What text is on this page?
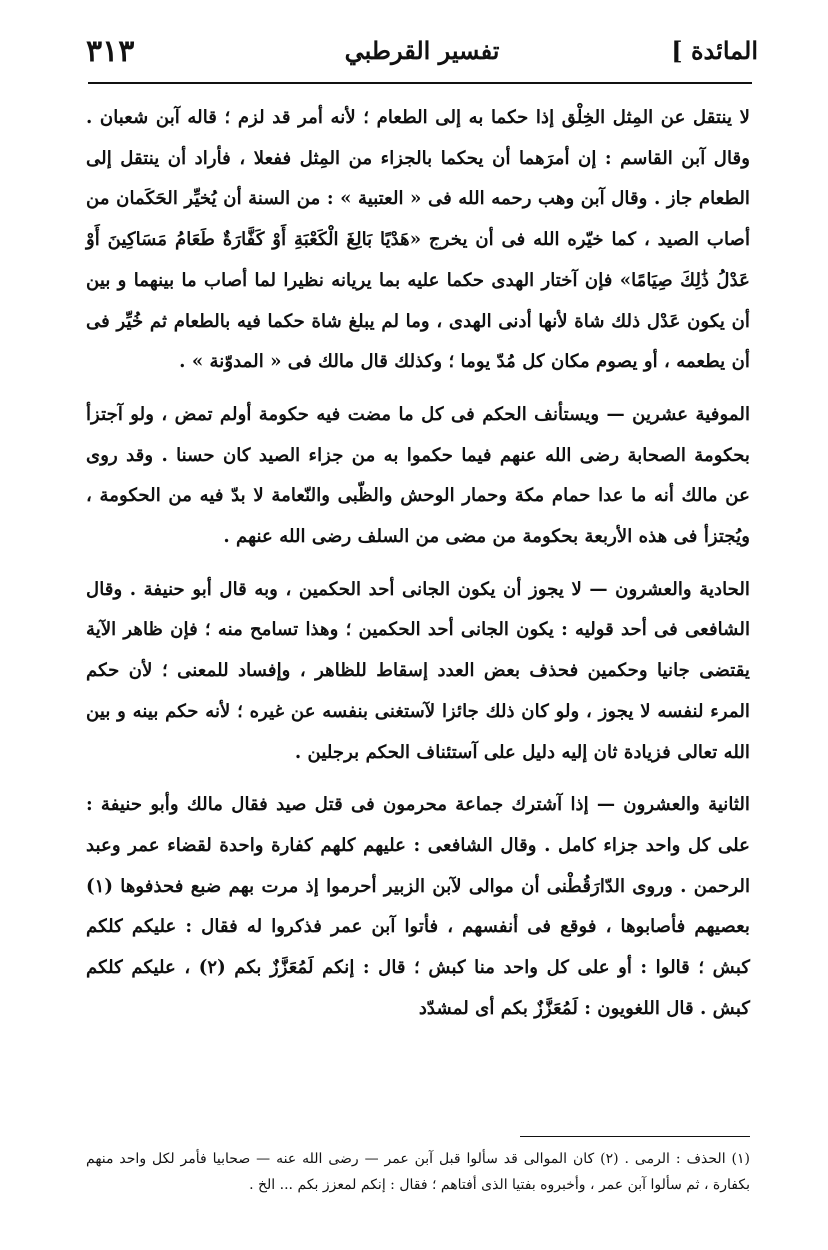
٣١٣	تفسير القرطبي	المائدة ]

لا ينتقل عن المِثل الخِلْق إذا حكما به إلى الطعام ؛ لأنه أمر قد لزم ؛ قاله آبن شعبان . وقال آبن القاسم : إن أمرَهما أن يحكما بالجزاء من المِثل ففعلا ، فأراد أن ينتقل إلى الطعام جاز . وقال آبن وهب رحمه الله فى « العتبية » : من السنة أن يُخيِّر الحَكَمان من أصاب الصيد ، كما خيّره الله فى أن يخرج «هَدْيًا بَالِغَ الْكَعْبَةِ أَوْ كَفَّارَةٌ طَعَامُ مَسَاكِينَ أَوْ عَدْلُ ذَٰلِكَ صِيَامًا» فإن آختار الهدى حكما عليه بما يريانه نظيرا لما أصاب ما بينهما و بين أن يكون عَدْل ذلك شاة لأنها أدنى الهدى ، وما لم يبلغ شاة حكما فيه بالطعام ثم خُيِّر فى أن يطعمه ، أو يصوم مكان كل مُدّ يوما ؛ وكذلك قال مالك فى « المدوّنة » .

الموفية عشرين — ويستأنف الحكم فى كل ما مضت فيه حكومة أولم تمض ، ولو آجتزأ بحكومة الصحابة رضى الله عنهم فيما حكموا به من جزاء الصيد كان حسنا . وقد روى عن مالك أنه ما عدا حمام مكة وحمار الوحش والظّبى والنّعامة لا بدّ فيه من الحكومة ، ويُجتزأ فى هذه الأربعة بحكومة من مضى من السلف رضى الله عنهم .

الحادية والعشرون — لا يجوز أن يكون الجانى أحد الحكمين ، وبه قال أبو حنيفة . وقال الشافعى فى أحد قوليه : يكون الجانى أحد الحكمين ؛ وهذا تسامح منه ؛ فإن ظاهر الآية يقتضى جانيا وحكمين فحذف بعض العدد إسقاط للظاهر ، وإفساد للمعنى ؛ لأن حكم المرء لنفسه لا يجوز ، ولو كان ذلك جائزا لآستغنى بنفسه عن غيره ؛ لأنه حكم بينه و بين الله تعالى فزيادة ثان إليه دليل على آستئناف الحكم برجلين .

الثانية والعشرون — إذا آشترك جماعة محرمون فى قتل صيد فقال مالك وأبو حنيفة : على كل واحد جزاء كامل . وقال الشافعى : عليهم كلهم كفارة واحدة لقضاء عمر وعبد الرحمن . وروى الدّارَقُطْنى أن موالى لآبن الزبير أحرموا إذ مرت بهم ضبع فحذفوها (١) بعصيهم فأصابوها ، فوقع فى أنفسهم ، فأتوا آبن عمر فذكروا له فقال : عليكم كلكم كبش ؛ قالوا : أو على كل واحد منا كبش ؛ قال : إنكم لَمُعَزَّزٌ بكم (٢) ، عليكم كلكم كبش . قال اللغويون : لَمُعَزَّزٌ بكم أى لمشدّد

(١) الحذف : الرمى . (٢) كان الموالى قد سألوا قبل آبن عمر — رضى الله عنه — صحابيا فأمر لكل واحد منهم بكفارة ، ثم سألوا آبن عمر ، وأخبروه بفتيا الذى أفتاهم ؛ فقال : إنكم لمعزز بكم ... الخ .
